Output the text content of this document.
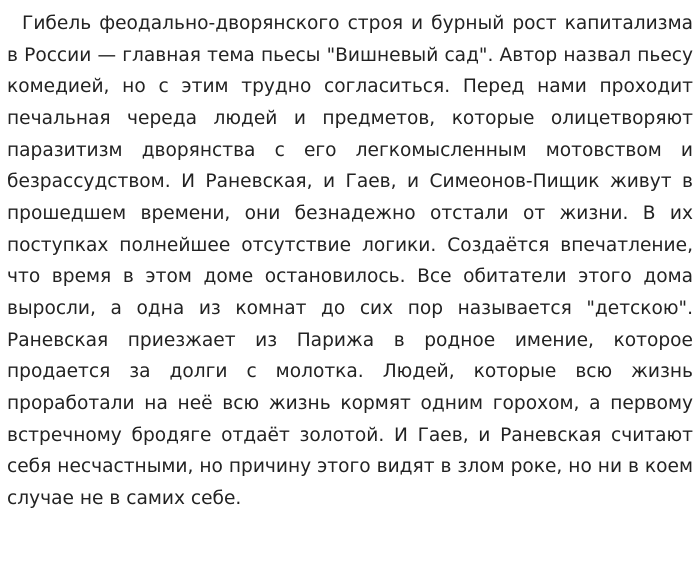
Гибель феодально-дворянского строя и бурный рост капитализма в России — главная тема пьесы "Вишневый сад". Автор назвал пьесу комедией, но с этим трудно согласиться. Перед нами проходит печальная череда людей и предметов, которые олицетворяют паразитизм дворянства с его легкомысленным мотовством и безрассудством. И Раневская, и Гаев, и Симеонов-Пищик живут в прошедшем времени, они безнадежно отстали от жизни. В их поступках полнейшее отсутствие логики. Создаётся впечатление, что время в этом доме остановилось. Все обитатели этого дома выросли, а одна из комнат до сих пор называется "детскою". Раневская приезжает из Парижа в родное имение, которое продается за долги с молотка. Людей, которые всю жизнь проработали на неё всю жизнь кормят одним горохом, а первому встречному бродяге отдаёт золотой. И Гаев, и Раневская считают себя несчастными, но причину этого видят в злом роке, но ни в коем случае не в самих себе.
